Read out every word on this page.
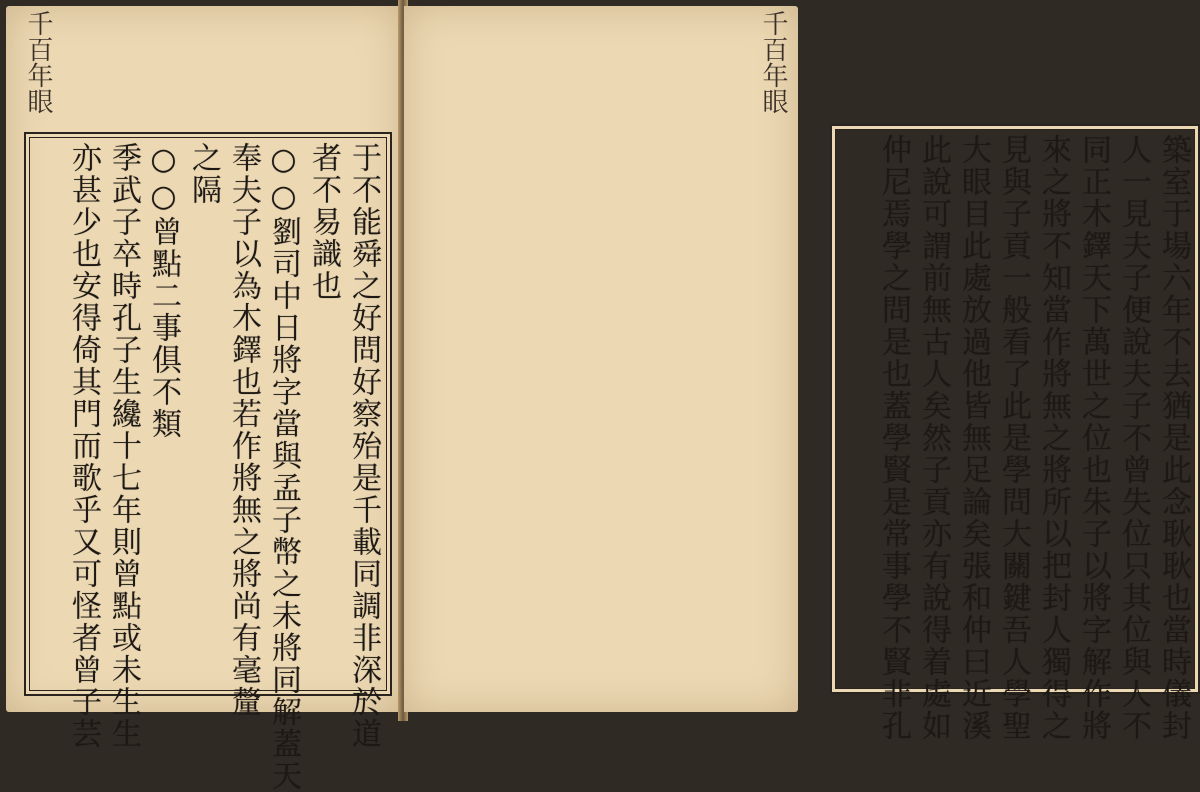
千百年眼
于不能舜之好問好察殆是千載同調非深於道
者不易識也
○○劉司中日將字當與孟子幣之未將同解蓋天
奉夫子以為木鐸也若作將無之將尚有毫釐
之隔
○○曾點二事俱不類
季武子卒時孔子生纔十七年則曾點或未生生
亦甚少也安得倚其門而歌乎又可怪者曾子芸
千百年眼
築室于場六年不去猶是此念耿耿也當時儀封
人一見夫子便說夫子不曾失位只其位與人不
同正木鐸天下萬世之位也朱子以將字解作將
來之將不知當作將無之將所以把封人獨得之
見與子貢一般看了此是學問大關鍵吾人學聖
大眼目此處放過他皆無足論矣張和仲曰近溪
此說可謂前無古人矣然子貢亦有說得着處如
仲尼焉學之問是也蓋學賢是常事學不賢非孔
